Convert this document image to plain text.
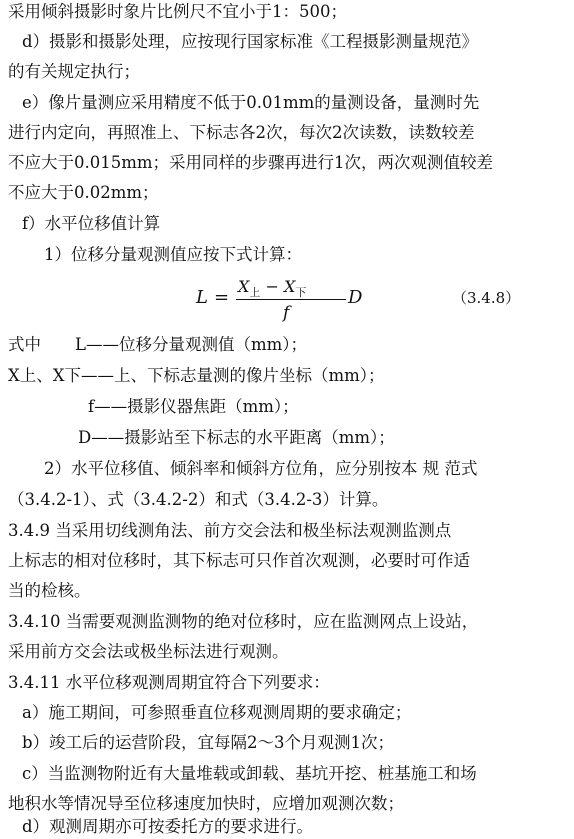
采用倾斜摄影时象片比例尺不宜小于1：500；
d）摄影和摄影处理，应按现行国家标准《工程摄影测量规范》
的有关规定执行；
e）像片量测应采用精度不低于0.01mm的量测设备，量测时先
进行内定向，再照准上、下标志各2次，每次2次读数，读数较差
不应大于0.015mm；采用同样的步骤再进行1次，两次观测值较差
不应大于0.02mm；
f）水平位移值计算
1）位移分量观测值应按下式计算：
L =
$X_上 - X_下$
f
D	（3.4.8）
式中 L——位移分量观测值（mm）；
X上、X下——上、下标志量测的像片坐标（mm）；
f——摄影仪器焦距（mm）；
D——摄影站至下标志的水平距离（mm）；
2）水平位移值、倾斜率和倾斜方位角，应分别按本 规 范式
（3.4.2-1）、式（3.4.2-2）和式（3.4.2-3）计算。
3.4.9 当采用切线测角法、前方交会法和极坐标法观测监测点
上标志的相对位移时，其下标志可只作首次观测，必要时可作适
当的检核。
3.4.10 当需要观测监测物的绝对位移时，应在监测网点上设站，
采用前方交会法或极坐标法进行观测。
3.4.11 水平位移观测周期宜符合下列要求：
a）施工期间，可参照垂直位移观测周期的要求确定；
b）竣工后的运营阶段，宜每隔2～3个月观测1次；
c）当监测物附近有大量堆载或卸载、基坑开挖、桩基施工和场
地积水等情况导至位移速度加快时，应增加观测次数；
d）观测周期亦可按委托方的要求进行。
